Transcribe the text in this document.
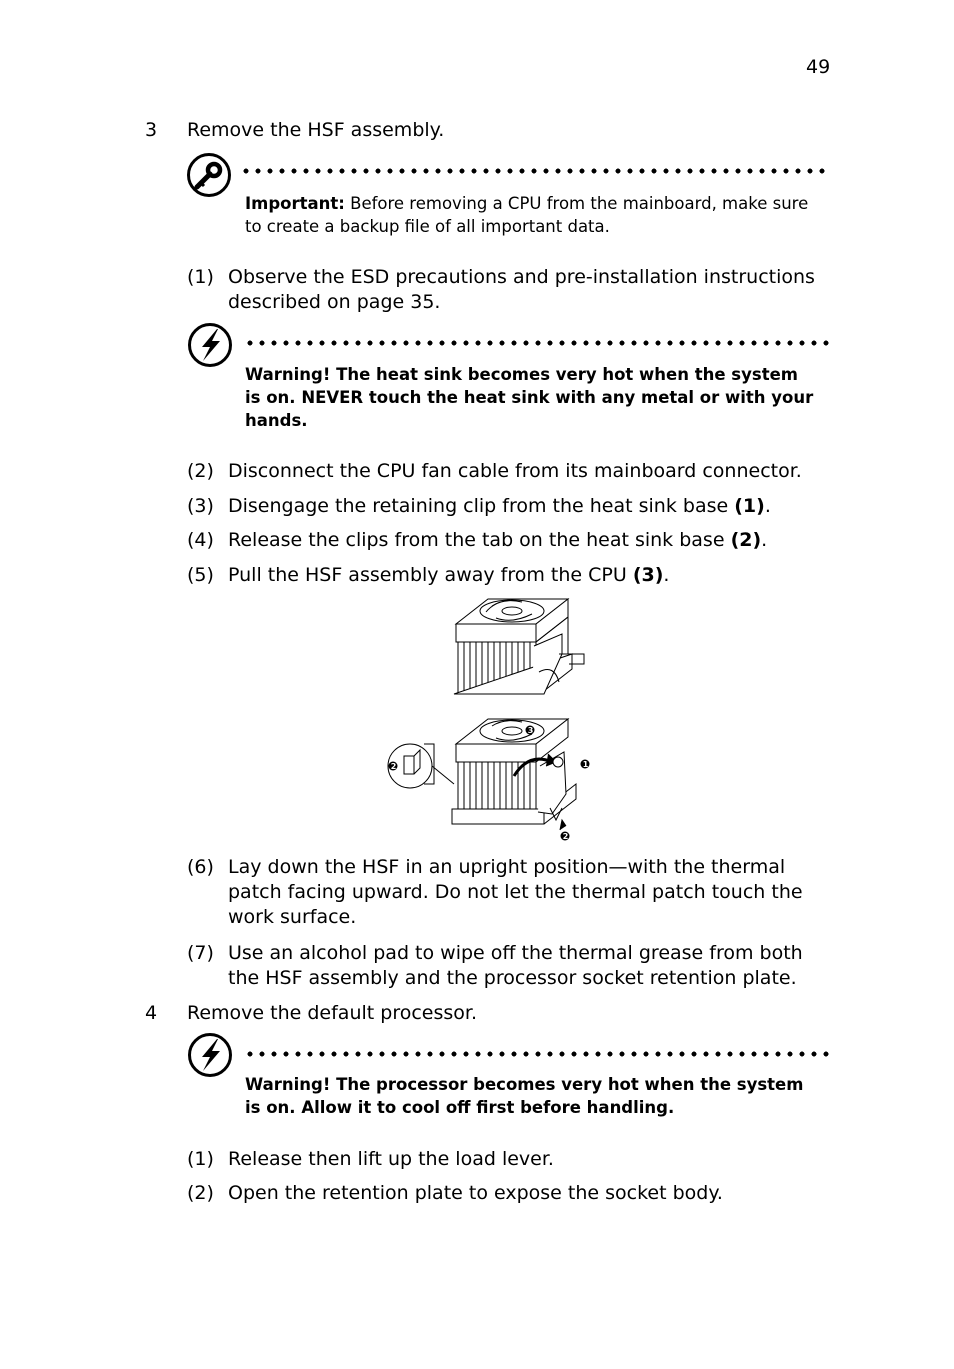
49
3 Remove the HSF assembly.
Important: Before removing a CPU from the mainboard, make sure to create a backup file of all important data.
(1) Observe the ESD precautions and pre-installation instructions described on page 35.
Warning! The heat sink becomes very hot when the system is on. NEVER touch the heat sink with any metal or with your hands.
(2) Disconnect the CPU fan cable from its mainboard connector.
(3) Disengage the retaining clip from the heat sink base (1).
(4) Release the clips from the tab on the heat sink base (2).
(5) Pull the HSF assembly away from the CPU (3).
2	1
3
2
(6) Lay down the HSF in an upright position—with the thermal patch facing upward. Do not let the thermal patch touch the work surface.
(7) Use an alcohol pad to wipe off the thermal grease from both the HSF assembly and the processor socket retention plate.
4 Remove the default processor.
Warning! The processor becomes very hot when the system is on. Allow it to cool off first before handling.
(1) Release then lift up the load lever.
(2) Open the retention plate to expose the socket body.
